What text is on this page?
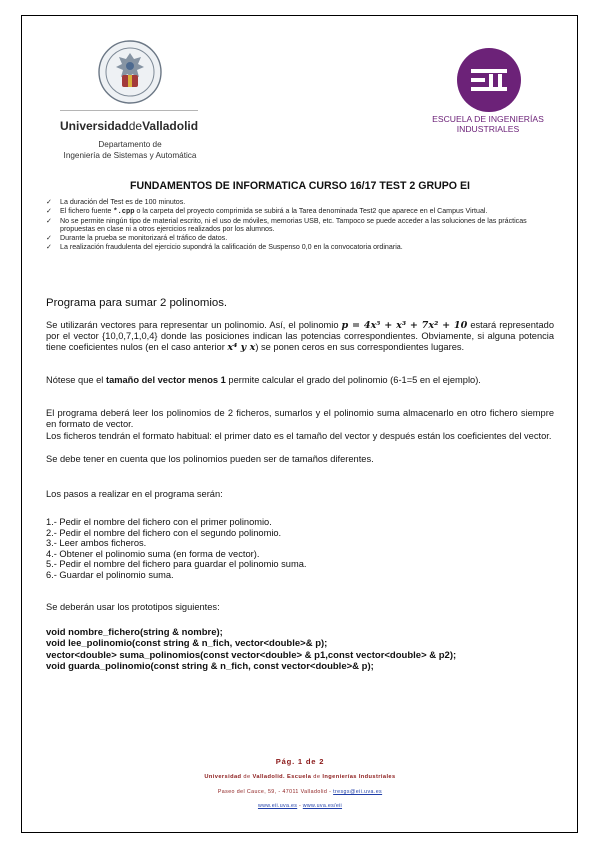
UniversidaddeValladolid
Departamento de
Ingeniería de Sistemas y Automática
ESCUELA DE INGENIERÍAS
INDUSTRIALES
FUNDAMENTOS DE INFORMATICA CURSO 16/17 TEST 2 GRUPO EI
✓ La duración del Test es de 100 minutos.
✓ El fichero fuente *.cpp o la carpeta del proyecto comprimida se subirá a la Tarea denominada Test2 que aparece en el Campus Virtual.
✓ No se permite ningún tipo de material escrito, ni el uso de móviles, memorias USB, etc. Tampoco se puede acceder a las soluciones de las prácticas propuestas en clase ni a otros ejercicios realizados por los alumnos.
✓ Durante la prueba se monitorizará el tráfico de datos.
✓ La realización fraudulenta del ejercicio supondrá la calificación de Suspenso 0,0 en la convocatoria ordinaria.
Programa para sumar 2 polinomios.
Se utilizarán vectores para representar un polinomio. Así, el polinomio p = 4x⁵ + x³ + 7x² + 10 estará representado por el vector {10,0,7,1,0,4} donde las posiciones indican las potencias correspondientes. Obviamente, si alguna potencia tiene coeficientes nulos (en el caso anterior x⁴ y x) se ponen ceros en sus correspondientes lugares.
Nótese que el tamaño del vector menos 1 permite calcular el grado del polinomio (6-1=5 en el ejemplo).
El programa deberá leer los polinomios de 2 ficheros, sumarlos y el polinomio suma almacenarlo en otro fichero siempre en formato de vector.
Los ficheros tendrán el formato habitual: el primer dato es el tamaño del vector y después están los coeficientes del vector.
Se debe tener en cuenta que los polinomios pueden ser de tamaños diferentes.
Los pasos a realizar en el programa serán:
1.- Pedir el nombre del fichero con el primer polinomio.
2.- Pedir el nombre del fichero con el segundo polinomio.
3.- Leer ambos ficheros.
4.- Obtener el polinomio suma (en forma de vector).
5.- Pedir el nombre del fichero para guardar el polinomio suma.
6.- Guardar el polinomio suma.
Se deberán usar los prototipos siguientes:
void nombre_fichero(string & nombre);
void lee_polinomio(const string & n_fich, vector<double>& p);
vector<double> suma_polinomios(const vector<double> & p1,const vector<double> & p2);
void guarda_polinomio(const string & n_fich, const vector<double>& p);
Pág. 1 de 2
Universidad de Valladolid. Escuela de Ingenierías Industriales
Paseo del Cauce, 59, - 47011 Valladolid - tresgs@eii.uva.es
www.eii.uva.es - www.uva.es/eii
